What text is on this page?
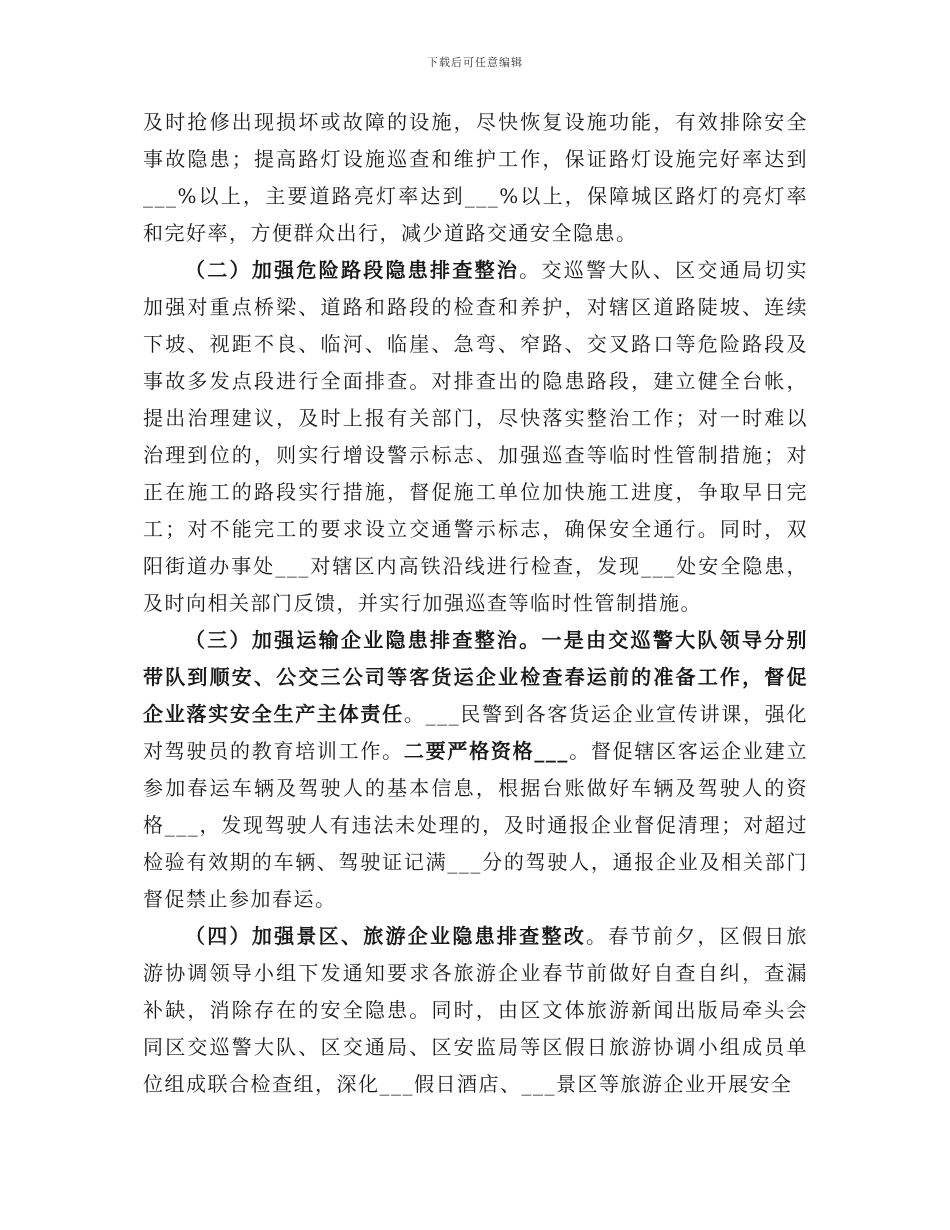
下载后可任意编辑

及时抢修出现损坏或故障的设施，尽快恢复设施功能，有效排除安全事故隐患；提高路灯设施巡查和维护工作，保证路灯设施完好率达到___%以上，主要道路亮灯率达到___%以上，保障城区路灯的亮灯率和完好率，方便群众出行，减少道路交通安全隐患。

（二）加强危险路段隐患排查整治。交巡警大队、区交通局切实加强对重点桥梁、道路和路段的检查和养护，对辖区道路陡坡、连续下坡、视距不良、临河、临崖、急弯、窄路、交叉路口等危险路段及事故多发点段进行全面排查。对排查出的隐患路段，建立健全台帐，提出治理建议，及时上报有关部门，尽快落实整治工作；对一时难以治理到位的，则实行增设警示标志、加强巡查等临时性管制措施；对正在施工的路段实行措施，督促施工单位加快施工进度，争取早日完工；对不能完工的要求设立交通警示标志，确保安全通行。同时，双阳街道办事处___对辖区内高铁沿线进行检查，发现___处安全隐患，及时向相关部门反馈，并实行加强巡查等临时性管制措施。

（三）加强运输企业隐患排查整治。一是由交巡警大队领导分别带队到顺安、公交三公司等客货运企业检查春运前的准备工作，督促企业落实安全生产主体责任。___民警到各客货运企业宣传讲课，强化对驾驶员的教育培训工作。二要严格资格___。督促辖区客运企业建立参加春运车辆及驾驶人的基本信息，根据台账做好车辆及驾驶人的资格___，发现驾驶人有违法未处理的，及时通报企业督促清理；对超过检验有效期的车辆、驾驶证记满___分的驾驶人，通报企业及相关部门督促禁止参加春运。

（四）加强景区、旅游企业隐患排查整改。春节前夕，区假日旅游协调领导小组下发通知要求各旅游企业春节前做好自查自纠，查漏补缺，消除存在的安全隐患。同时，由区文体旅游新闻出版局牵头会同区交巡警大队、区交通局、区安监局等区假日旅游协调小组成员单位组成联合检查组，深化___假日酒店、___景区等旅游企业开展安全
